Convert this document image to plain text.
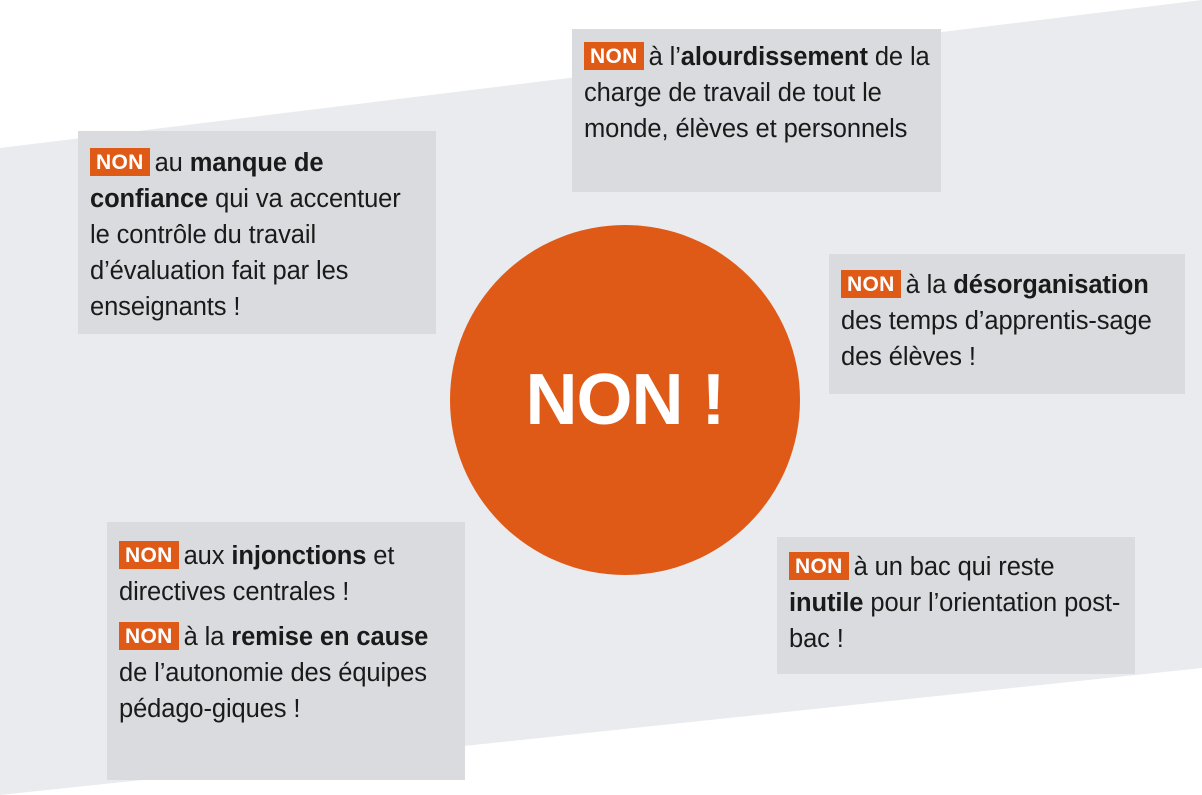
NON au manque de confiance qui va accentuer le contrôle du travail d’évaluation fait par les enseignants !
NON à l’alourdissement de la charge de travail de tout le monde, élèves et personnels
NON à la désorganisation des temps d’apprentis-sage des élèves !
NON !
NON aux injonctions et directives centrales !
NON à la remise en cause de l’autonomie des équipes pédago-giques !
NON à un bac qui reste inutile pour l’orientation post-bac !
